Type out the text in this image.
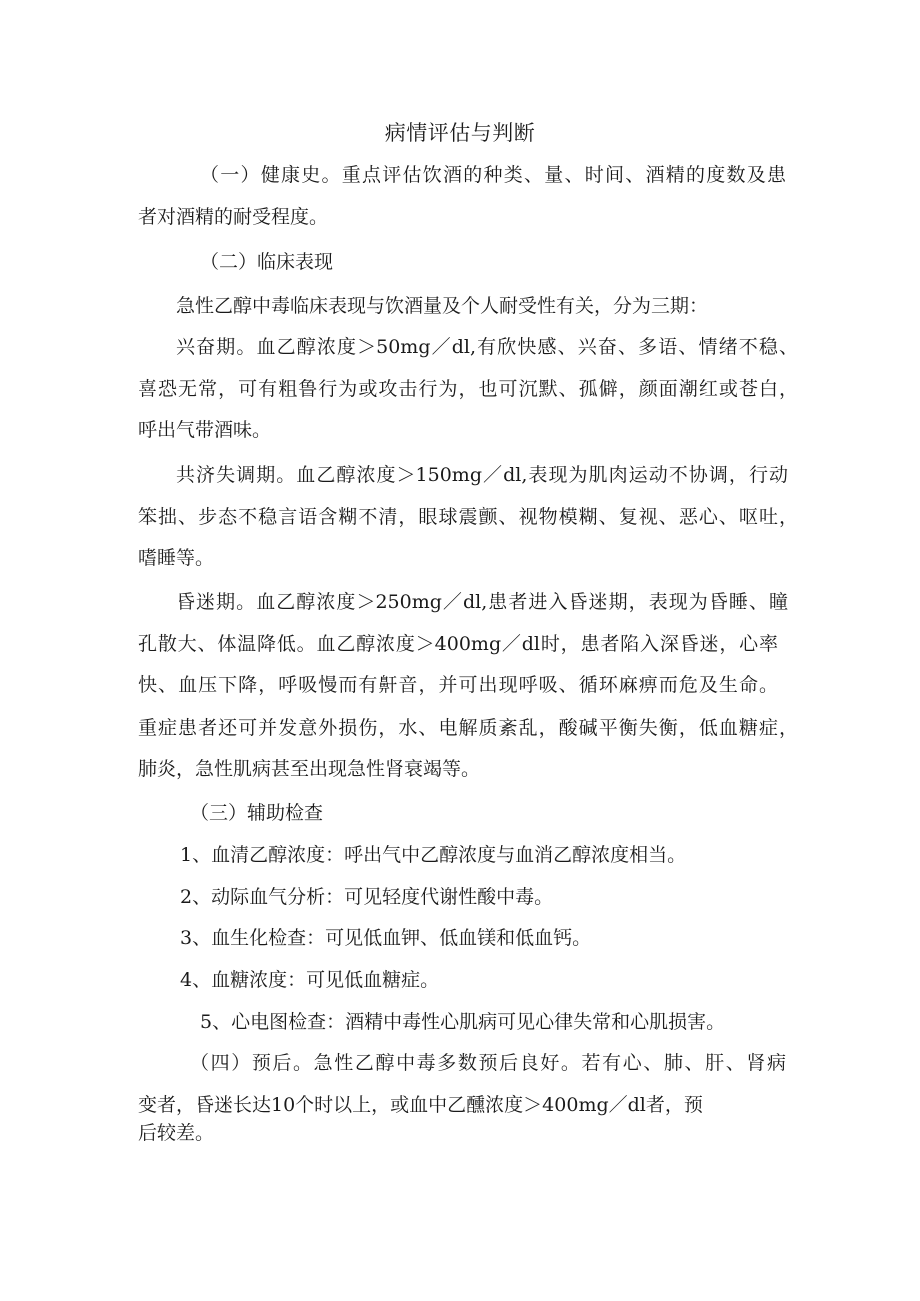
病情评估与判断
（一）健康史。重点评估饮酒的种类、量、时间、酒精的度数及患
者对酒精的耐受程度。
（二）临床表现
急性乙醇中毒临床表现与饮酒量及个人耐受性有关，分为三期：
兴奋期。血乙醇浓度＞50mg／dl,有欣快感、兴奋、多语、情绪不稳、
喜恐无常，可有粗鲁行为或攻击行为，也可沉默、孤僻，颜面潮红或苍白，
呼出气带酒味。
共济失调期。血乙醇浓度＞150mg／dl,表现为肌肉运动不协调，行动
笨拙、步态不稳言语含糊不清，眼球震颤、视物模糊、复视、恶心、呕吐，
嗜睡等。
昏迷期。血乙醇浓度＞250mg／dl,患者进入昏迷期，表现为昏睡、瞳
孔散大、体温降低。血乙醇浓度＞400mg／dl时，患者陷入深昏迷，心率
快、血压下降，呼吸慢而有鼾音，并可出现呼吸、循环麻痹而危及生命。
重症患者还可并发意外损伤，水、电解质紊乱，酸碱平衡失衡，低血糖症，
肺炎，急性肌病甚至出现急性肾衰竭等。
（三）辅助检查
1、血清乙醇浓度：呼出气中乙醇浓度与血消乙醇浓度相当。
2、动际血气分析：可见轻度代谢性酸中毒。
3、血生化检查：可见低血钾、低血镁和低血钙。
4、血糖浓度：可见低血糖症。
5、心电图检查：酒精中毒性心肌病可见心律失常和心肌损害。
（四）预后。急性乙醇中毒多数预后良好。若有心、肺、肝、肾病
变者，昏迷长达10个时以上，或血中乙醺浓度＞400mg／dl者，预
后较差。
